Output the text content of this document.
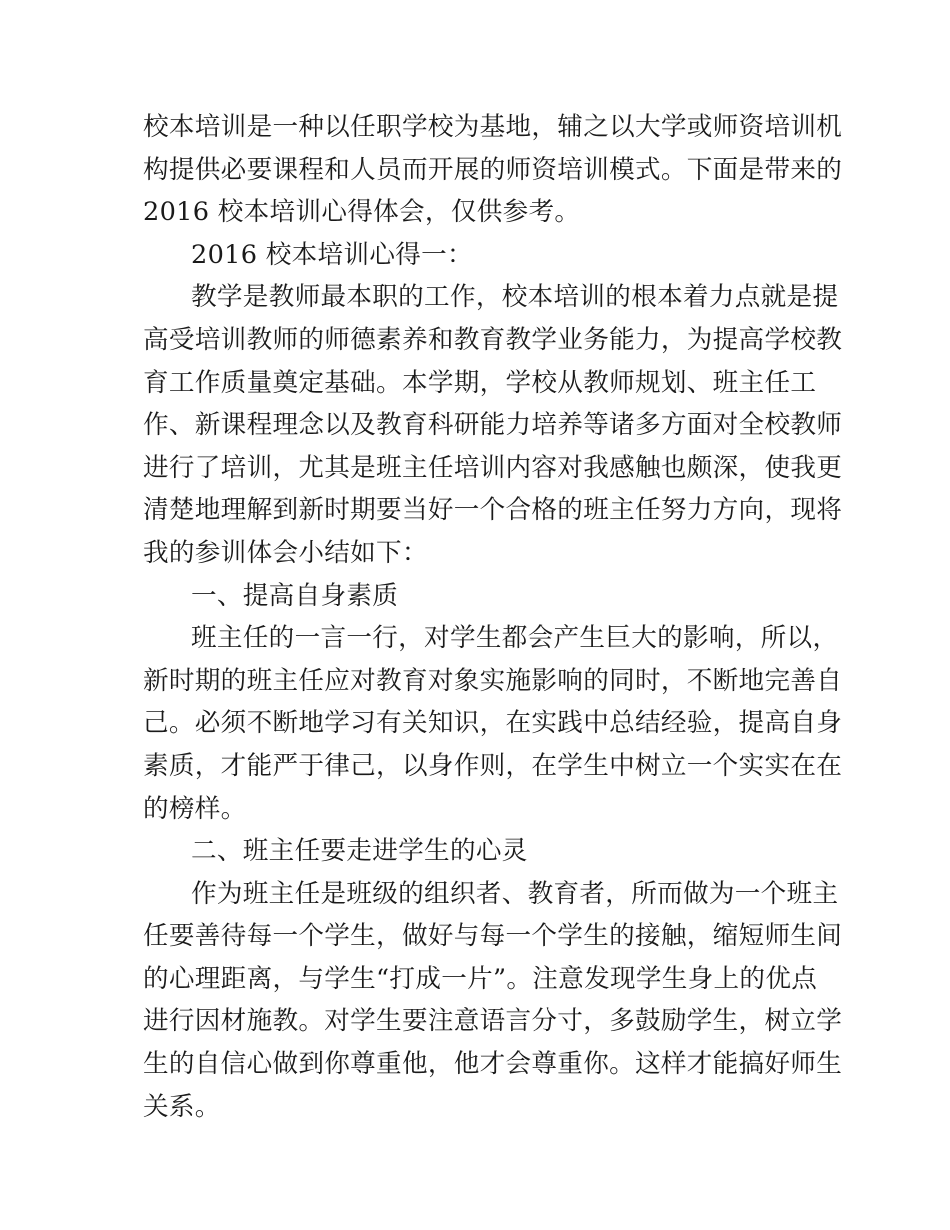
校本培训是一种以任职学校为基地，辅之以大学或师资培训机
构提供必要课程和人员而开展的师资培训模式。下面是带来的
2016 校本培训心得体会，仅供参考。
2016 校本培训心得一：
教学是教师最本职的工作，校本培训的根本着力点就是提
高受培训教师的师德素养和教育教学业务能力，为提高学校教
育工作质量奠定基础。本学期，学校从教师规划、班主任工
作、新课程理念以及教育科研能力培养等诸多方面对全校教师
进行了培训，尤其是班主任培训内容对我感触也颇深，使我更
清楚地理解到新时期要当好一个合格的班主任努力方向，现将
我的参训体会小结如下：
一、提高自身素质
班主任的一言一行，对学生都会产生巨大的影响，所以，
新时期的班主任应对教育对象实施影响的同时，不断地完善自
己。必须不断地学习有关知识，在实践中总结经验，提高自身
素质，才能严于律己，以身作则，在学生中树立一个实实在在
的榜样。
二、班主任要走进学生的心灵
作为班主任是班级的组织者、教育者，所而做为一个班主
任要善待每一个学生，做好与每一个学生的接触，缩短师生间
的心理距离，与学生“打成一片”。注意发现学生身上的优点
进行因材施教。对学生要注意语言分寸，多鼓励学生，树立学
生的自信心做到你尊重他，他才会尊重你。这样才能搞好师生
关系。
